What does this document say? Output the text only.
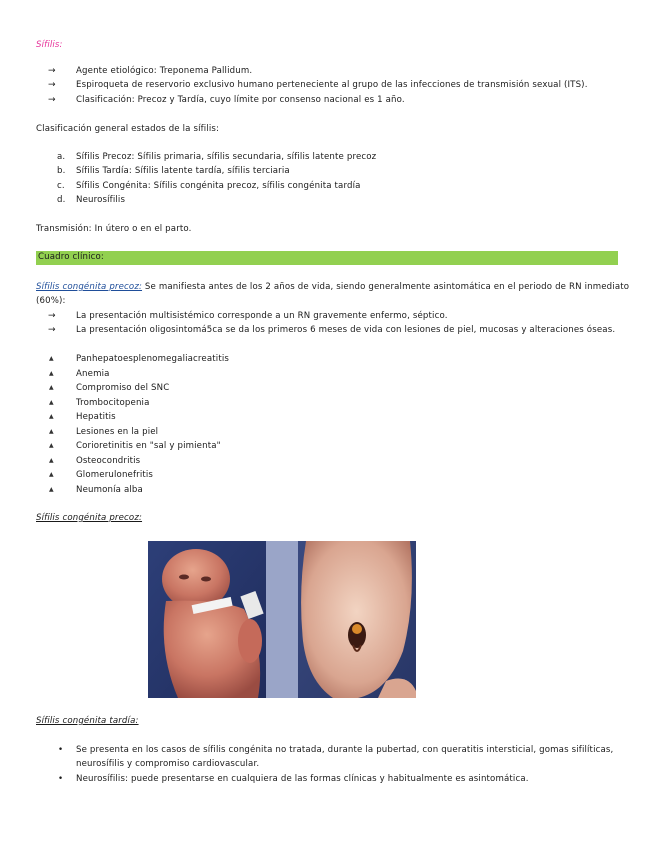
Sífilis:
→ Agente etiológico: Treponema Pallidum.
→ Espiroqueta de reservorio exclusivo humano perteneciente al grupo de las infecciones de transmisión sexual (ITS).
→ Clasificación: Precoz y Tardía, cuyo límite por consenso nacional es 1 año.
Clasificación general estados de la sífilis:
a. Sífilis Precoz: Sífilis primaria, sífilis secundaria, sífilis latente precoz
b. Sífilis Tardía: Sífilis latente tardía, sífilis terciaria
c. Sífilis Congénita: Sífilis congénita precoz, sífilis congénita tardía
d. Neurosífilis
Transmisión: In útero o en el parto.
Cuadro clínico:
Sífilis congénita precoz: Se manifiesta antes de los 2 años de vida, siendo generalmente asintomática en el periodo de RN inmediato
(60%):
→ La presentación multisistémico corresponde a un RN gravemente enfermo, séptico.
→ La presentación oligosintomá5ca se da los primeros 6 meses de vida con lesiones de piel, mucosas y alteraciones óseas.
▲	Panhepatoesplenomegaliacreatitis
▲	Anemia
▲	Compromiso del SNC
▲	Trombocitopenia
▲	Hepatitis
▲	Lesiones en la piel
▲	Corioretinitis en "sal y pimienta"
▲	Osteocondritis
▲	Glomerulonefritis
▲	Neumonía alba
Sífilis congénita precoz:
Sífilis congénita tardía:
• Se presenta en los casos de sífilis congénita no tratada, durante la pubertad, con queratitis intersticial, gomas sifilíticas,
neurosífilis y compromiso cardiovascular.
• Neurosífilis: puede presentarse en cualquiera de las formas clínicas y habitualmente es asintomática.
